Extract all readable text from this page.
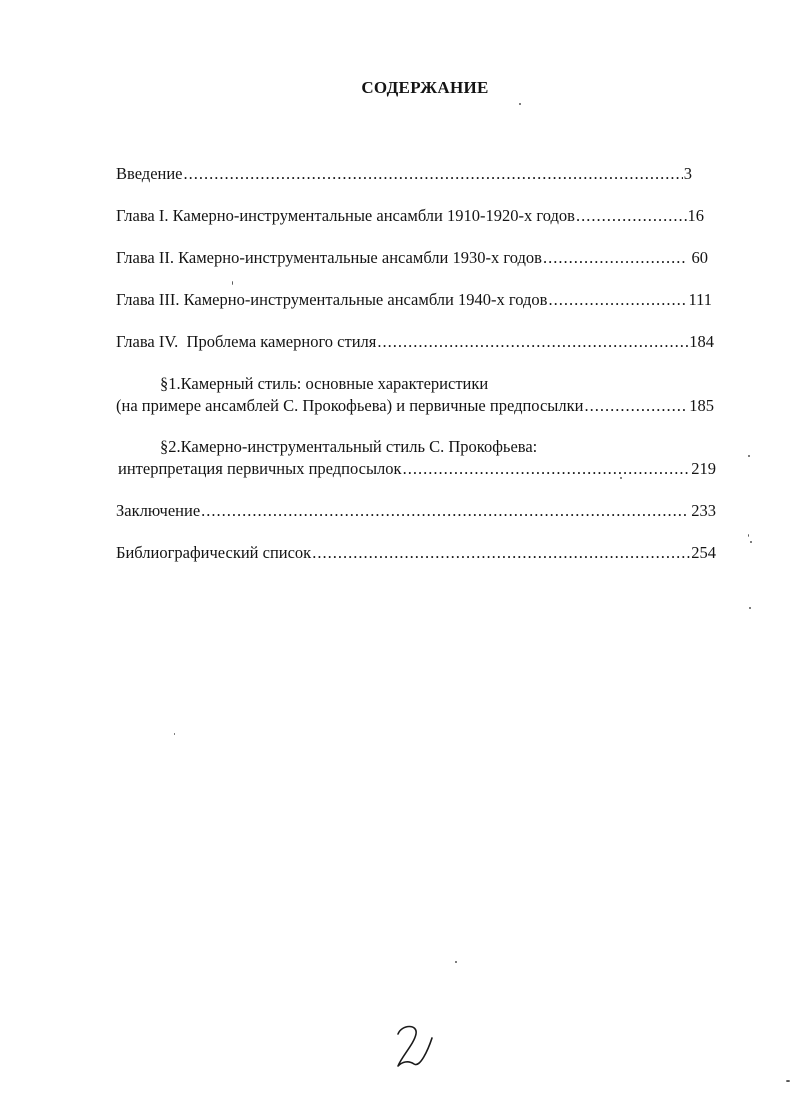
СОДЕРЖАНИЕ
Введение .....	3
Глава I. Камерно-инструментальные ансамбли 1910-1920-х годов .....	16
Глава II. Камерно-инструментальные ансамбли 1930-х годов .....	60
Глава III. Камерно-инструментальные ансамбли 1940-х годов .....	111
Глава IV.  Проблема камерного стиля .....	184
§1.Камерный стиль: основные характеристики
(на примере ансамблей С. Прокофьева) и первичные предпосылки .....	185
§2.Камерно-инструментальный стиль С. Прокофьева:
интерпретация первичных предпосылок .....	219
Заключение .....	233
Библиографический список .....	254
